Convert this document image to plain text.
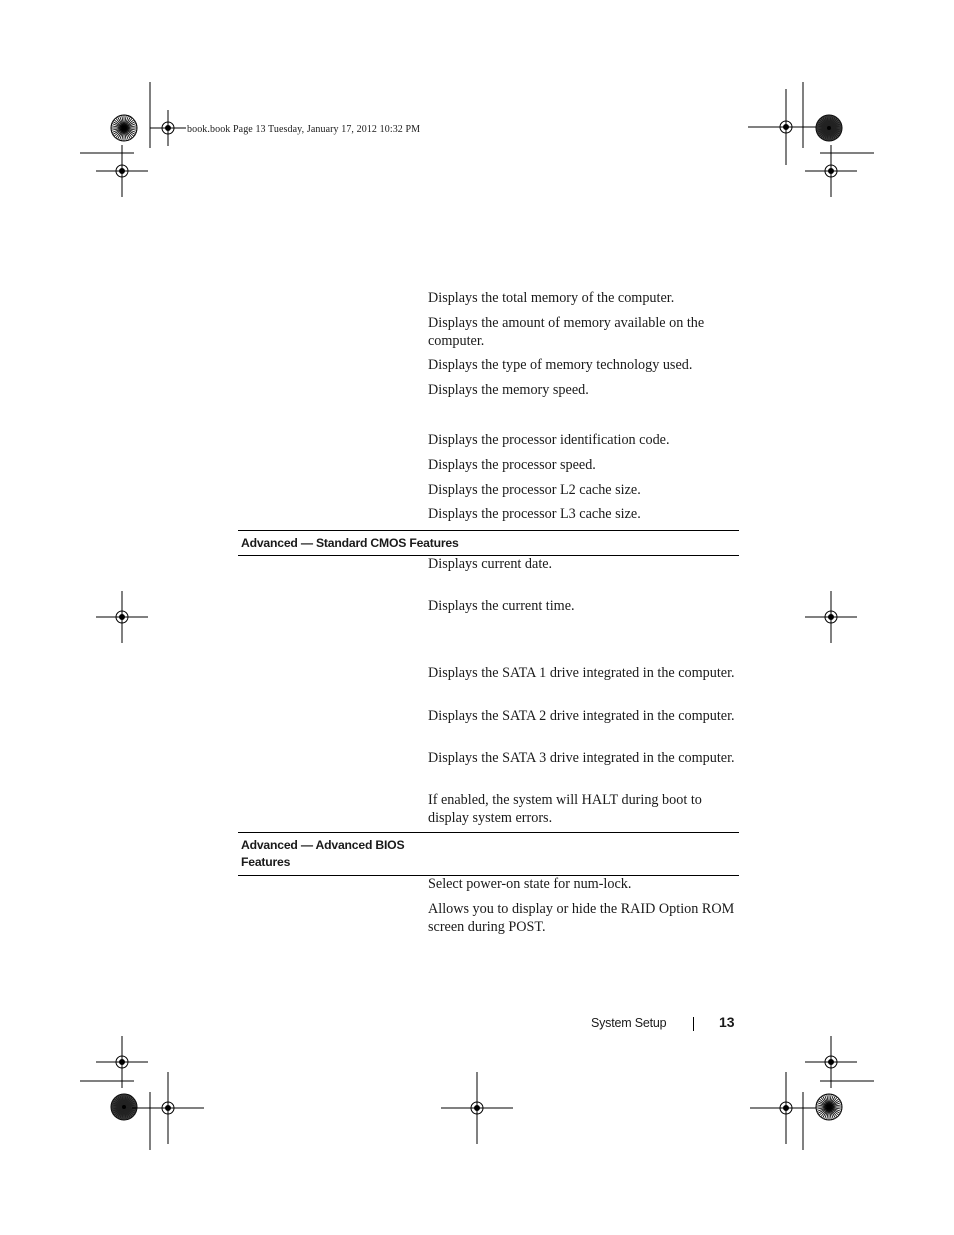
book.book Page 13 Tuesday, January 17, 2012 10:32 PM

Displays the total memory of the computer.

Displays the amount of memory available on the computer.

Displays the type of memory technology used.

Displays the memory speed.

Displays the processor identification code.

Displays the processor speed.

Displays the processor L2 cache size.

Displays the processor L3 cache size.

Advanced — Standard CMOS Features

Displays current date.

Displays the current time.

Displays the SATA 1 drive integrated in the computer.

Displays the SATA 2 drive integrated in the computer.

Displays the SATA 3 drive integrated in the computer.

If enabled, the system will HALT during boot to display system errors.

Advanced — Advanced BIOS
Features

Select power-on state for num-lock.

Allows you to display or hide the RAID Option ROM screen during POST.

System Setup	13
